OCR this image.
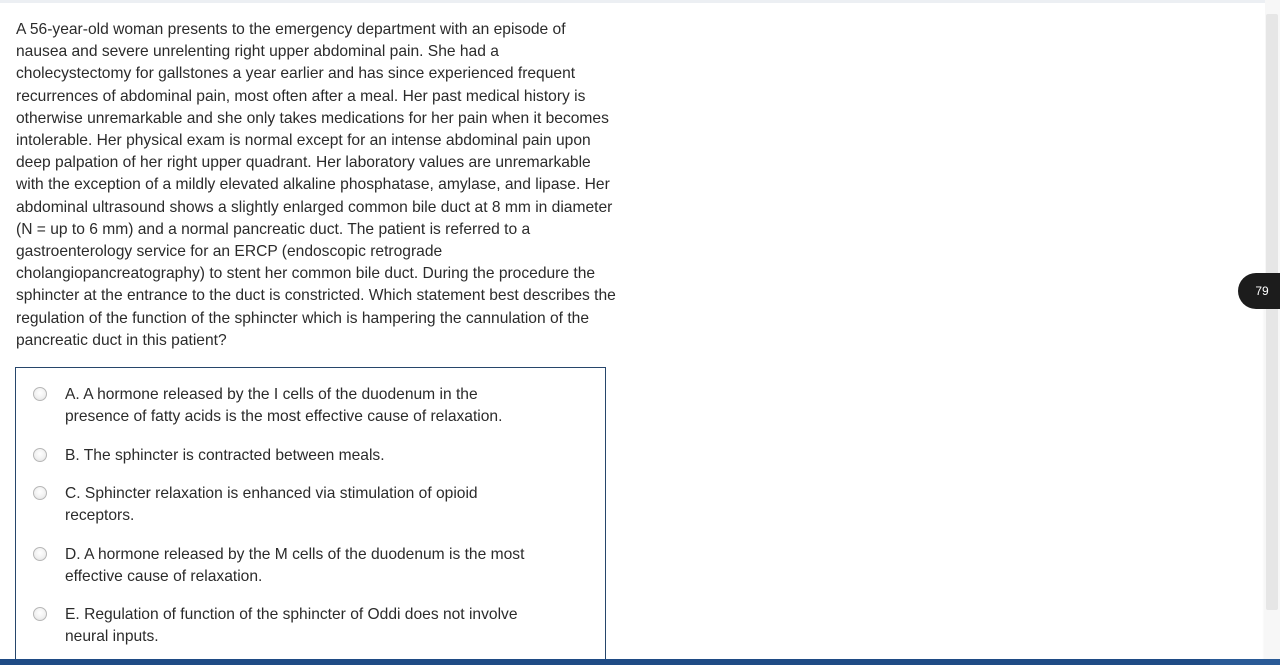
A 56-year-old woman presents to the emergency department with an episode of nausea and severe unrelenting right upper abdominal pain. She had a cholecystectomy for gallstones a year earlier and has since experienced frequent recurrences of abdominal pain, most often after a meal. Her past medical history is otherwise unremarkable and she only takes medications for her pain when it becomes intolerable. Her physical exam is normal except for an intense abdominal pain upon deep palpation of her right upper quadrant. Her laboratory values are unremarkable with the exception of a mildly elevated alkaline phosphatase, amylase, and lipase. Her abdominal ultrasound shows a slightly enlarged common bile duct at 8 mm in diameter (N = up to 6 mm) and a normal pancreatic duct. The patient is referred to a gastroenterology service for an ERCP (endoscopic retrograde cholangiopancreatography) to stent her common bile duct. During the procedure the sphincter at the entrance to the duct is constricted. Which statement best describes the regulation of the function of the sphincter which is hampering the cannulation of the pancreatic duct in this patient?

A. A hormone released by the I cells of the duodenum in the presence of fatty acids is the most effective cause of relaxation.
B. The sphincter is contracted between meals.
C. Sphincter relaxation is enhanced via stimulation of opioid receptors.
D. A hormone released by the M cells of the duodenum is the most effective cause of relaxation.
E. Regulation of function of the sphincter of Oddi does not involve neural inputs.
79
